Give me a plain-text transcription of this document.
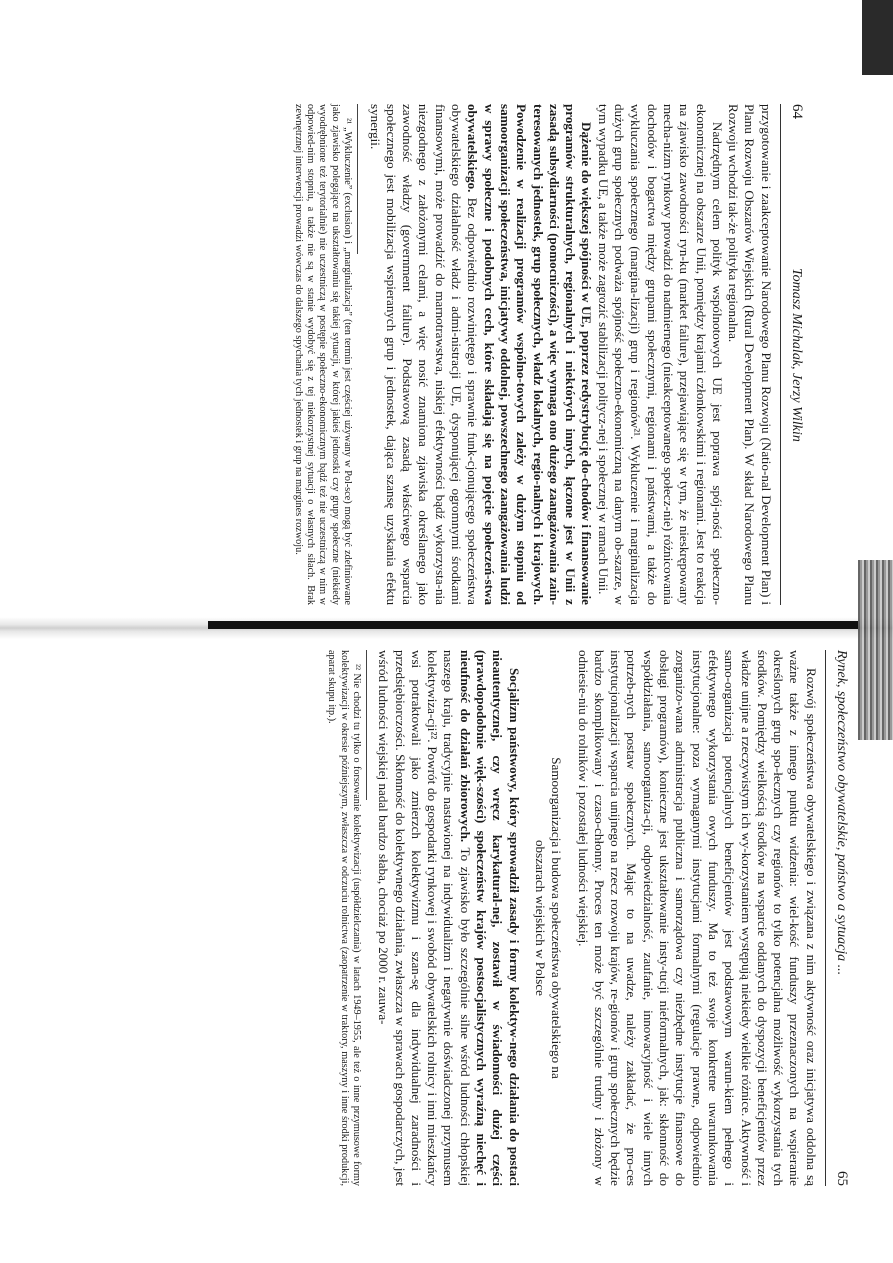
64
Tomasz Michalak, Jerzy Wilkin

przygotowanie i zaakceptowanie Narodowego Planu Rozwoju (Natio-nal Development Plan) i Planu Rozwoju Obszarów Wiejskich (Rural Development Plan). W skład Narodowego Planu Rozwoju wchodzi tak-że polityka regionalna.

Nadrzędnym celem polityk wspólnotowych UE jest poprawa spój-ności społeczno-ekonomicznej na obszarze Unii, pomiędzy krajami członkowskimi i regionami. Jest to reakcja na zjawisko zawodności ryn-ku (market failure), przejawiające się w tym, że nieskrępowany mecha-nizm rynkowy prowadzi do nadmiernego (nieakceptowanego społecz-nie) różnicowania dochodów i bogactwa między grupami społecznymi, regionami i państwami, a także do wykluczania społecznego (margina-lizacji) grup i regionów²¹. Wykluczenie i marginalizacja dużych grup społecznych podważa spójność społeczno-ekonomiczną na danym ob-szarze, w tym wypadku UE, a także może zagrozić stabilizacji politycz-nej i społecznej w ramach Unii.

Dążenie do większej spójności w UE, poprzez redystrybucję do-chodów i finansowanie programów strukturalnych, regionalnych i niektórych innych, łączone jest w Unii z zasadą subsydiarności (pomocniczości), a więc wymaga ono dużego zaangażowania zain-teresowanych jednostek, grup społecznych, władz lokalnych, regio-nalnych i krajowych. Powodzenie w realizacji programów wspólno-towych zależy w dużym stopniu od samoorganizacji społeczeństwa, inicjatywy oddolnej, powszechnego zaangażowania ludzi w sprawy społeczne i podobnych cech, które składają się na pojęcie społeczeń-stwa obywatelskiego. Bez odpowiednio rozwiniętego i sprawnie funk-cjonującego społeczeństwa obywatelskiego działalność władz i admi-nistracji UE, dysponującej ogromnymi środkami finansowymi, może prowadzić do marnotrawstwa, niskiej efektywności bądź wykorzysta-nia niezgodnego z założonymi celami, a więc nosić znamiona zjawiska określanego jako zawodność władzy (government failure). Podstawową zasadą właściwego wsparcia społecznego jest mobilizacja wspieranych grup i jednostek, dająca szansę uzyskania efektu synergii.

²¹ „Wykluczenie” (exclusion) i „marginalizacja” (ten termin jest częściej używany w Pol-sce) mogą być zdefiniowane jako zjawisko polegające na ukształtowaniu się takiej sytuacji, w której jakieś jednostki czy grupy społeczne (niekiedy wyodrębnione też terytorialnie) nie uczestniczą w postępie społeczno-ekonomicznym bądź też nie uczestniczą w nim w odpowied-nim stopniu, a także nie są w stanie wydobyć się z tej niekorzystnej sytuacji o własnych siłach. Brak zewnętrznej interwencji prowadzi wówczas do dalszego spychania tych jednostek i grup na margines rozwoju.

Rynek, społeczeństwo obywatelskie, państwo a sytuacja ...
65

Rozwój społeczeństwa obywatelskiego i związana z nim aktywność oraz inicjatywa oddolna są ważne także z innego punktu widzenia: wiel-kość funduszy przeznaczonych na wspieranie określonych grup spo-łecznych czy regionów to tylko potencjalna możliwość wykorzystania tych środków. Pomiędzy wielkością środków na wsparcie oddanych do dyspozycji beneficjentów przez władze unijne a rzeczywistym ich wy-korzystaniem występują niekiedy wielkie różnice. Aktywność i samo-organizacja potencjalnych beneficjentów jest podstawowym warun-kiem pełnego i efektywnego wykorzystania owych funduszy. Ma to też swoje konkretne uwarunkowania instytucjonalne: poza wymaganymi instytucjami formalnymi (regulacje prawne, odpowiednio zorganizo-wana administracja publiczna i samorządowa czy niezbędne instytucje finansowe do obsługi programów), konieczne jest ukształtowanie insty-tucji nieformalnych, jak: skłonność do współdziałania, samoorganiza-cji, odpowiedzialność, zaufanie, innowacyjność i wiele innych potrzeb-nych postaw społecznych. Mając to na uwadze, należy zakładać, że pro-ces instytucjonalizacji wsparcia unijnego na rzecz rozwoju krajów, re-gionów i grup społecznych będzie bardzo skomplikowany i czaso-chłonny. Proces ten może być szczególnie trudny i złożony w odniesie-niu do rolników i pozostałej ludności wiejskiej.

Samoorganizacja i budowa społeczeństwa obywatelskiego na

obszarach wiejskich w Polsce

Socjalizm państwowy, który sprowadził zasady i formy kolektyw-nego działania do postaci nieautentycznej, czy wręcz karykatural-nej, zostawił w świadomości dużej części (prawdopodobnie więk-szości) społeczeństw krajów postsocjalistycznych wyraźną niechęć i nieufność do działań zbiorowych. To zjawisko było szczególnie silne wśród ludności chłopskiej naszego kraju, tradycyjnie nastawionej na indywidualizm i negatywnie doświadczonej przymusem kolektywiza-cji²². Powrót do gospodarki rynkowej i swobód obywatelskich rolnicy i inni mieszkańcy wsi potraktowali jako zmierzch kolektywizmu i szan-sę dla indywidualnej zaradności i przedsiębiorczości. Skłonność do kolektywnego działania, zwłaszcza w sprawach gospodarczych, jest wśród ludności wiejskiej nadal bardzo słaba, chociaż po 2000 r. zauwa-

²² Nie chodzi tu tylko o forsowanie kolektywizacji (uspółdzielczania) w latach 1949–1955, ale też o inne przymusowe formy kolektywizacji w okresie późniejszym, zwłaszcza w odczuciu rolnictwa (zaopatrzenie w traktory, maszyny i inne środki produkcji, aparat skupu itp.).
